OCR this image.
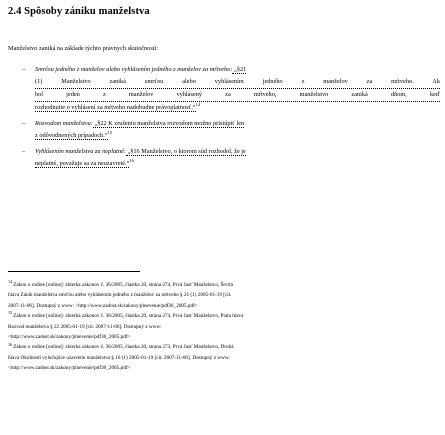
2.4 Spôsoby zániku manželstva
Manželstvo zaniká na základe týchto právnych skutočností:
–	Smrťou jedného z manželov alebo vyhlásením jedného z manželov za mŕtveho: „§21
(1) Manželstvo zaniká smrťou alebo vyhlásením jedného z manželov za mŕtveho. Ak
bol jeden z manželov vyhlásený za mŕtveho, manželstvo zaniká dňom, keď
rozhodnutie o vyhlásení za mŕtveho nadobudne právoplatnosť.“$^{14}$
–	Rozvodom manželstva: „§22 K zrušeniu manželstva rozvodom možno pristúpiť len
z odôvodnených prípadoch.“$^{15}$
–	Vyhlásením manželstva za neplatné: „§16 Manželstvo, o ktorom súd rozhodol, že je
neplatné, považuje sa za neuzavreté.“$^{16}$
$^{14}$Zákon o rodine [online]: zbierka zákonov č. 36/2005, čiastka 20, strana 274, Prvá časť Manželstvo, Štvrtá
hlava Zánik manželstva smrťou alebo vyhlásením jedného z manželov za mŕtveho § 21 (1) 2005-01-19 [cit.
2007-11-06]. Dostupný z www: <http://www.zadost.sk/zakony/plnevenie/pdf36_2005.pdf>
$^{15}$Zákon o rodine [online]: zbierka zákonov č. 36/2005, čiastka 20, strana 274, Prvá časť Manželstvo, Piata hlava
Rozvod manželstva § 22 2005-01-19 [cit. 2007-11-06]. Dostupný z www:
<http://www.zadost.sk/zakony/plnevenie/pdf36_2005.pdf>
$^{16}$Zákon o rodine [online]: zbierka zákonov č. 36/2005, čiastka 20, strana 273, Prvá časť Manželstvo, Druhá
hlava Okolnosti vylučujúce uzavretie manželstva § 16 (1) 2005-01-19 [cit. 2007-11-06]. Dostupný z www:
<http://www.zadost.sk/zakony/plnevenie/pdf36_2005.pdf>
